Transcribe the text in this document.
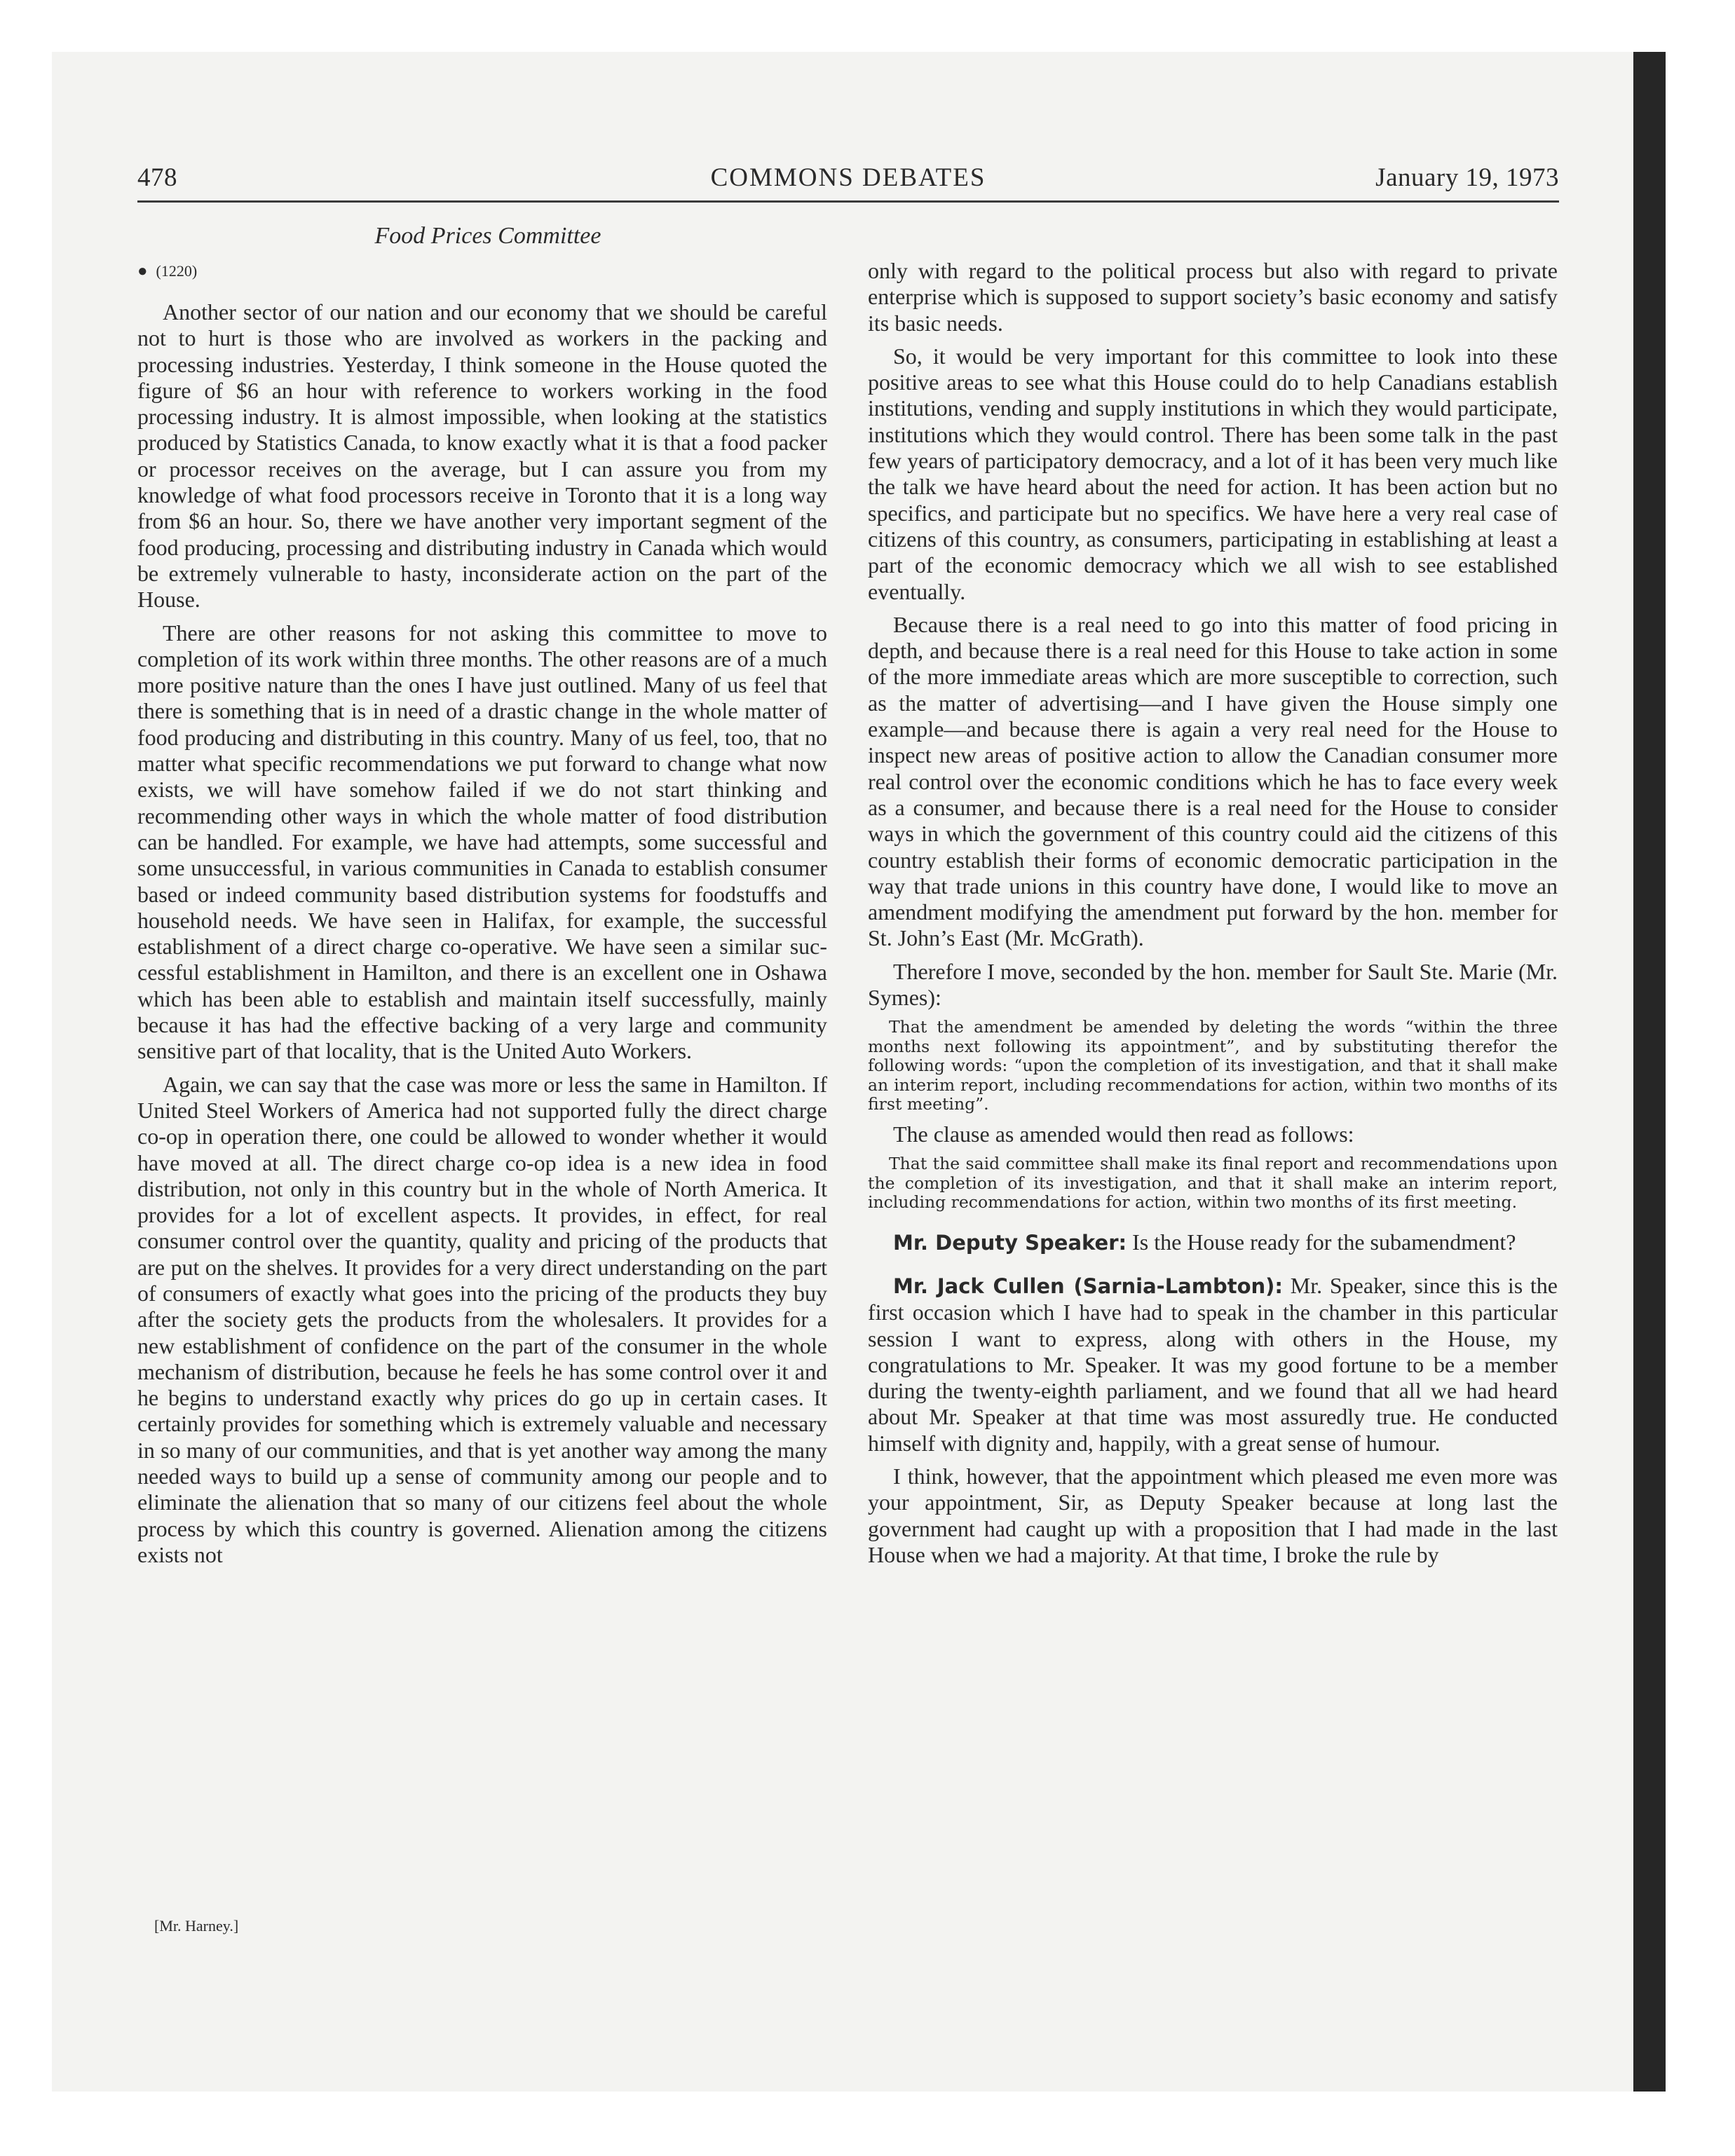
478	COMMONS DEBATES	January 19, 1973
Food Prices Committee
● (1220)

Another sector of our nation and our economy that we should be careful not to hurt is those who are involved as workers in the packing and processing industries. Yesterday, I think someone in the House quoted the figure of $6 an hour with reference to workers working in the food processing industry. It is almost impossible, when looking at the statistics produced by Statistics Canada, to know exactly what it is that a food packer or processor receives on the average, but I can assure you from my knowledge of what food processors receive in Toronto that it is a long way from $6 an hour. So, there we have another very important segment of the food producing, processing and distributing industry in Canada which would be extremely vulnerable to hasty, inconsiderate action on the part of the House.

There are other reasons for not asking this committee to move to completion of its work within three months. The other reasons are of a much more positive nature than the ones I have just outlined. Many of us feel that there is something that is in need of a drastic change in the whole matter of food producing and distributing in this country. Many of us feel, too, that no matter what specific recommendations we put forward to change what now exists, we will have somehow failed if we do not start thinking and recommending other ways in which the whole matter of food distribution can be handled. For example, we have had attempts, some successful and some unsuccessful, in various communities in Canada to establish consumer based or indeed community based distribution systems for foodstuffs and household needs. We have seen in Halifax, for example, the successful establishment of a direct charge co-operative. We have seen a similar successful establishment in Hamilton, and there is an excellent one in Oshawa which has been able to establish and maintain itself successfully, mainly because it has had the effective backing of a very large and community sensitive part of that locality, that is the United Auto Workers.

Again, we can say that the case was more or less the same in Hamilton. If United Steel Workers of America had not supported fully the direct charge co-op in operation there, one could be allowed to wonder whether it would have moved at all. The direct charge co-op idea is a new idea in food distribution, not only in this country but in the whole of North America. It provides for a lot of excellent aspects. It provides, in effect, for real consumer control over the quantity, quality and pricing of the products that are put on the shelves. It provides for a very direct understanding on the part of consumers of exactly what goes into the pricing of the products they buy after the society gets the products from the wholesalers. It provides for a new establishment of confidence on the part of the consumer in the whole mechanism of distribution, because he feels he has some control over it and he begins to understand exactly why prices do go up in certain cases. It certainly provides for something which is extremely valuable and necessary in so many of our communities, and that is yet another way among the many needed ways to build up a sense of community among our people and to eliminate the alienation that so many of our citizens feel about the whole process by which this country is governed. Alienation among the citizens exists not

[Mr. Harney.]

only with regard to the political process but also with regard to private enterprise which is supposed to support society’s basic economy and satisfy its basic needs.

So, it would be very important for this committee to look into these positive areas to see what this House could do to help Canadians establish institutions, vending and supply institutions in which they would participate, institutions which they would control. There has been some talk in the past few years of participatory democracy, and a lot of it has been very much like the talk we have heard about the need for action. It has been action but no specifics, and participate but no specifics. We have here a very real case of citizens of this country, as consumers, participating in establishing at least a part of the economic democracy which we all wish to see established eventually.

Because there is a real need to go into this matter of food pricing in depth, and because there is a real need for this House to take action in some of the more immediate areas which are more susceptible to correction, such as the matter of advertising—and I have given the House simply one example—and because there is again a very real need for the House to inspect new areas of positive action to allow the Canadian consumer more real control over the economic conditions which he has to face every week as a consumer, and because there is a real need for the House to consider ways in which the government of this country could aid the citizens of this country establish their forms of economic democratic participation in the way that trade unions in this country have done, I would like to move an amendment modifying the amendment put forward by the hon. member for St. John’s East (Mr. McGrath).

Therefore I move, seconded by the hon. member for Sault Ste. Marie (Mr. Symes):

That the amendment be amended by deleting the words “within the three months next following its appointment”, and by substituting therefor the following words: “upon the completion of its investigation, and that it shall make an interim report, including recommendations for action, within two months of its first meeting”.

The clause as amended would then read as follows:

That the said committee shall make its final report and recommendations upon the completion of its investigation, and that it shall make an interim report, including recommendations for action, within two months of its first meeting.

Mr. Deputy Speaker: Is the House ready for the subamendment?

Mr. Jack Cullen (Sarnia-Lambton): Mr. Speaker, since this is the first occasion which I have had to speak in the chamber in this particular session I want to express, along with others in the House, my congratulations to Mr. Speaker. It was my good fortune to be a member during the twenty-eighth parliament, and we found that all we had heard about Mr. Speaker at that time was most assuredly true. He conducted himself with dignity and, happily, with a great sense of humour.

I think, however, that the appointment which pleased me even more was your appointment, Sir, as Deputy Speaker because at long last the government had caught up with a proposition that I had made in the last House when we had a majority. At that time, I broke the rule by
